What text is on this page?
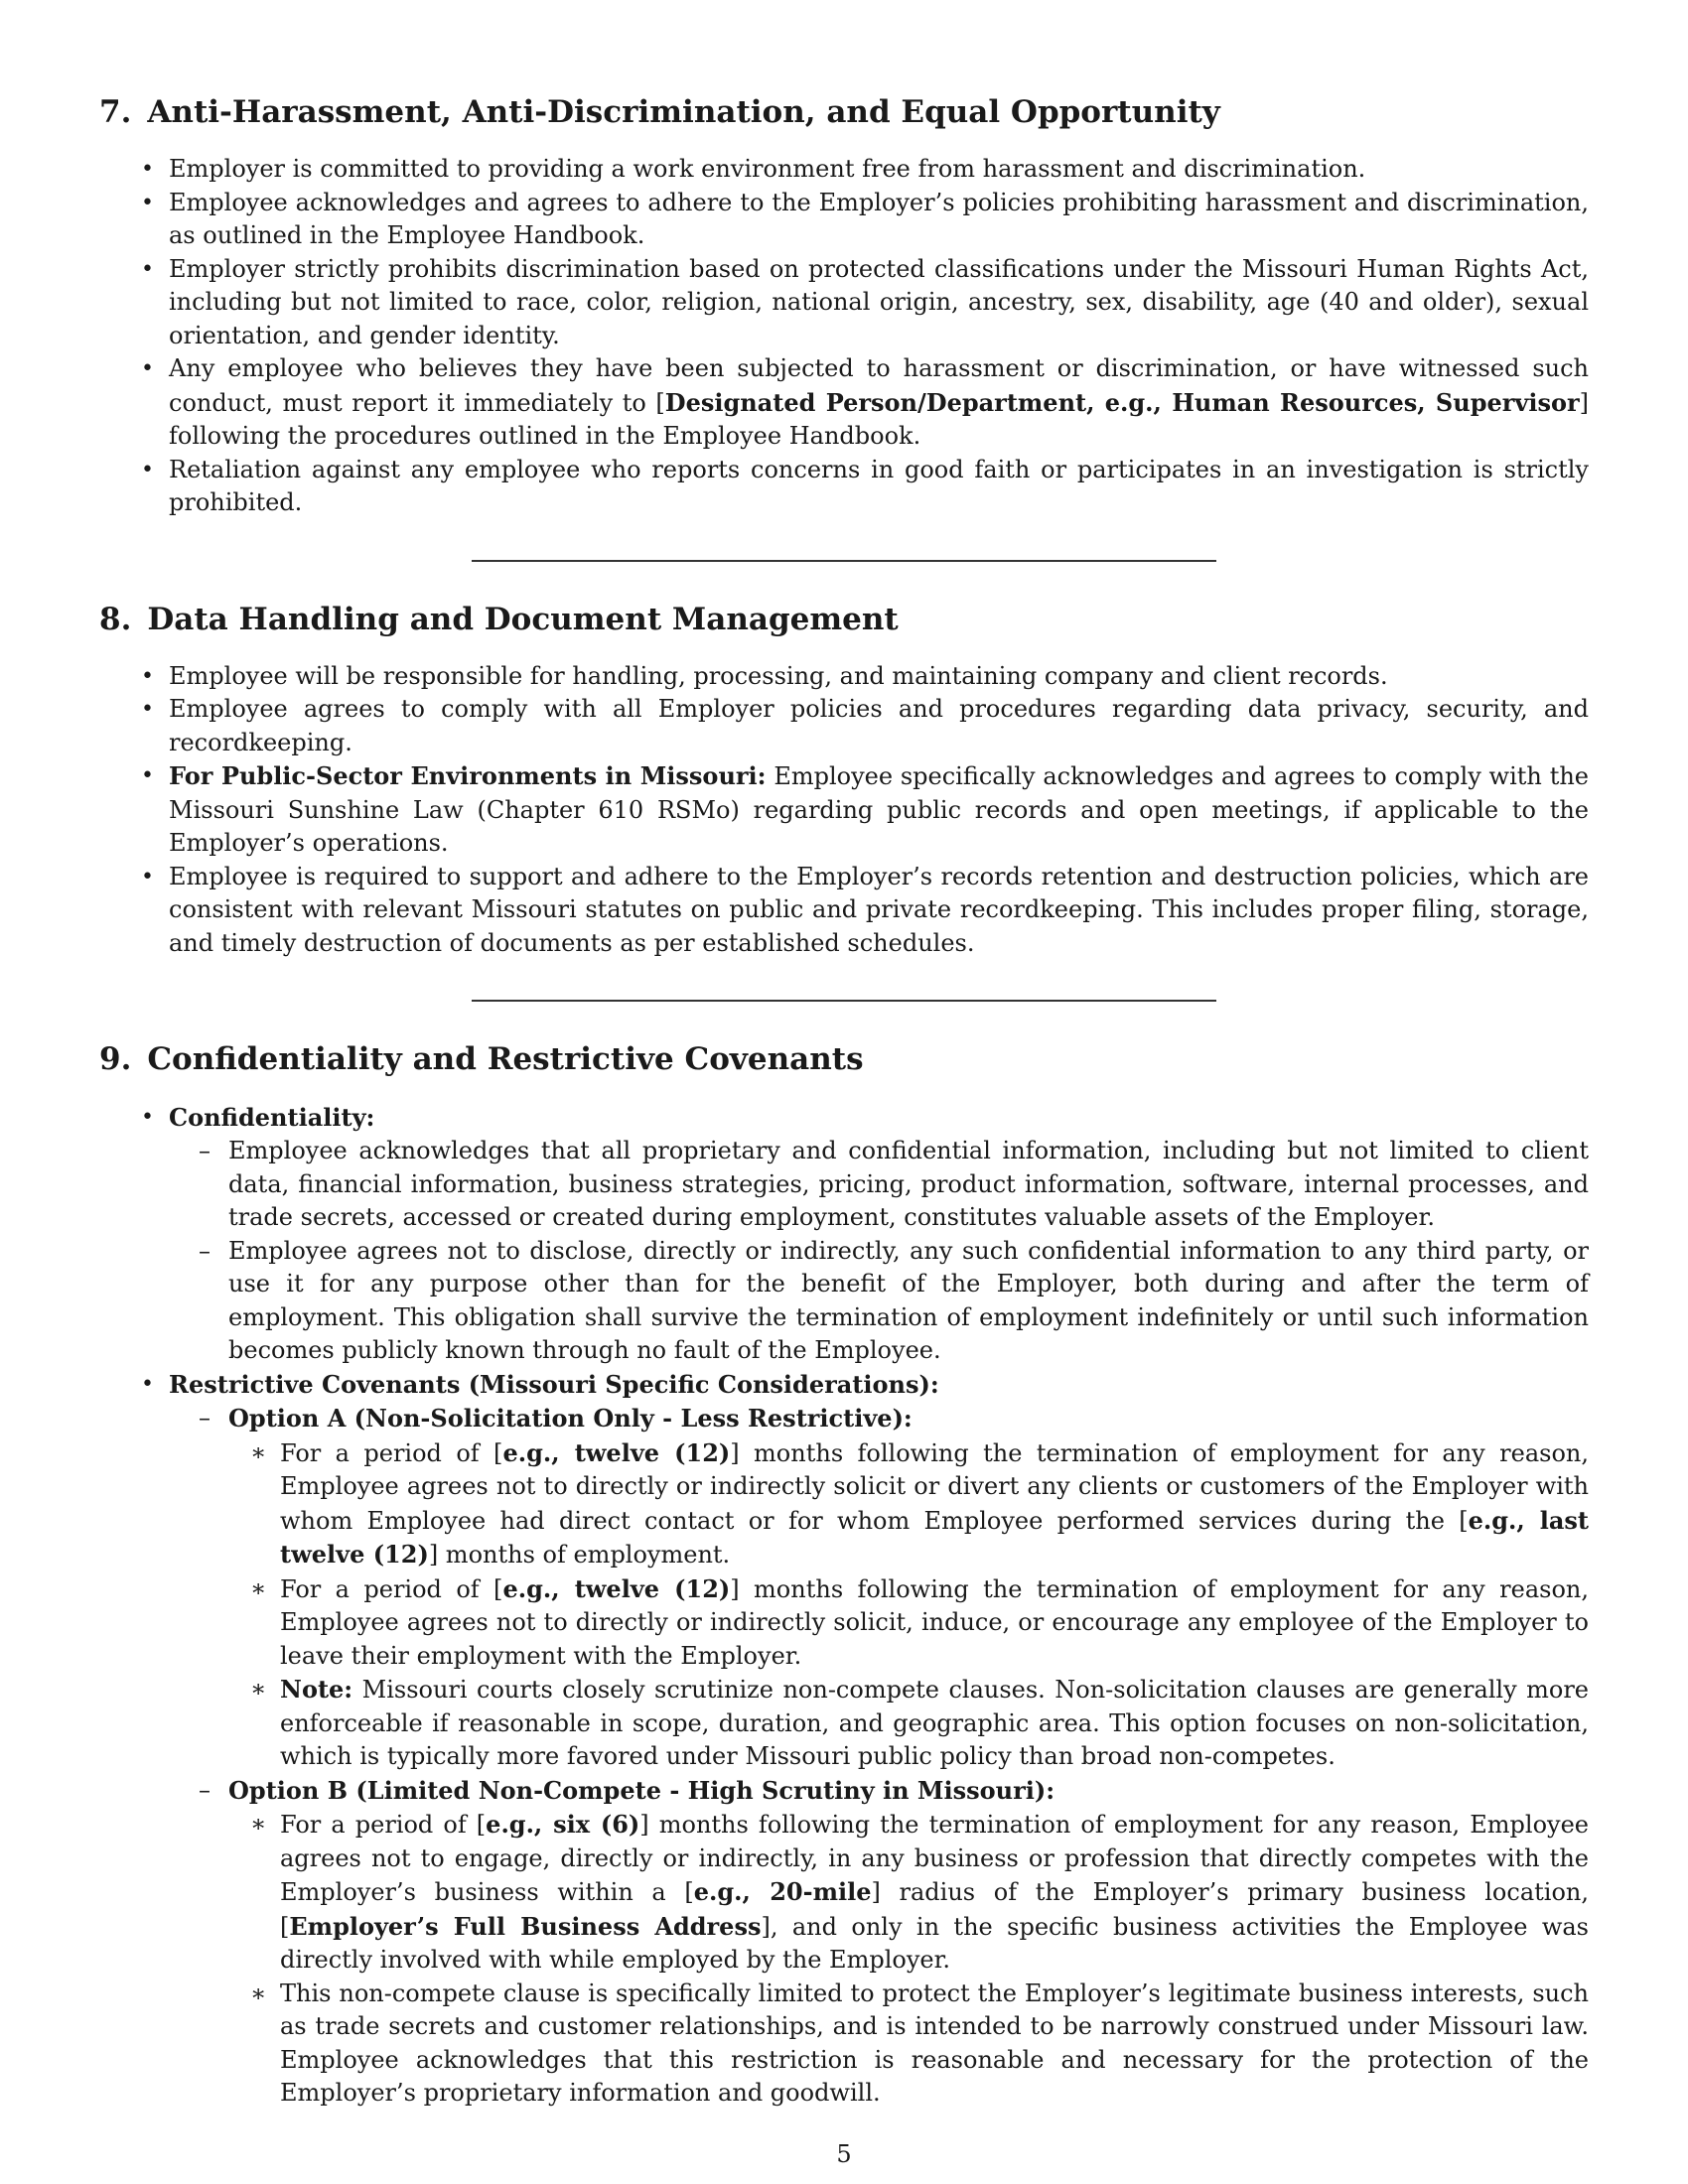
7. Anti-Harassment, Anti-Discrimination, and Equal Opportunity
• Employer is committed to providing a work environment free from harassment and discrimination.
• Employee acknowledges and agrees to adhere to the Employer’s policies prohibiting harassment and discrimination, as outlined in the Employee Handbook.
• Employer strictly prohibits discrimination based on protected classifications under the Missouri Human Rights Act, including but not limited to race, color, religion, national origin, ancestry, sex, disability, age (40 and older), sexual orientation, and gender identity.
• Any employee who believes they have been subjected to harassment or discrimination, or have witnessed such conduct, must report it immediately to [Designated Person/Department, e.g., Human Resources, Supervisor] following the procedures outlined in the Employee Handbook.
• Retaliation against any employee who reports concerns in good faith or participates in an investigation is strictly prohibited.
8. Data Handling and Document Management
• Employee will be responsible for handling, processing, and maintaining company and client records.
• Employee agrees to comply with all Employer policies and procedures regarding data privacy, security, and recordkeeping.
• For Public-Sector Environments in Missouri: Employee specifically acknowledges and agrees to comply with the Missouri Sunshine Law (Chapter 610 RSMo) regarding public records and open meetings, if applicable to the Employer’s operations.
• Employee is required to support and adhere to the Employer’s records retention and destruction policies, which are consistent with relevant Missouri statutes on public and private recordkeeping. This includes proper filing, storage, and timely destruction of documents as per established schedules.
9. Confidentiality and Restrictive Covenants
• Confidentiality:
– Employee acknowledges that all proprietary and confidential information, including but not limited to client data, financial information, business strategies, pricing, product information, software, internal processes, and trade secrets, accessed or created during employment, constitutes valuable assets of the Employer.
– Employee agrees not to disclose, directly or indirectly, any such confidential information to any third party, or use it for any purpose other than for the benefit of the Employer, both during and after the term of employment. This obligation shall survive the termination of employment indefinitely or until such information becomes publicly known through no fault of the Employee.
• Restrictive Covenants (Missouri Specific Considerations):
– Option A (Non-Solicitation Only - Less Restrictive):
∗ For a period of [e.g., twelve (12)] months following the termination of employment for any reason, Employee agrees not to directly or indirectly solicit or divert any clients or customers of the Employer with whom Employee had direct contact or for whom Employee performed services during the [e.g., last twelve (12)] months of employment.
∗ For a period of [e.g., twelve (12)] months following the termination of employment for any reason, Employee agrees not to directly or indirectly solicit, induce, or encourage any employee of the Employer to leave their employment with the Employer.
∗ Note: Missouri courts closely scrutinize non-compete clauses. Non-solicitation clauses are generally more enforceable if reasonable in scope, duration, and geographic area. This option focuses on non-solicitation, which is typically more favored under Missouri public policy than broad non-competes.
– Option B (Limited Non-Compete - High Scrutiny in Missouri):
∗ For a period of [e.g., six (6)] months following the termination of employment for any reason, Employee agrees not to engage, directly or indirectly, in any business or profession that directly competes with the Employer’s business within a [e.g., 20-mile] radius of the Employer’s primary business location, [Employer’s Full Business Address], and only in the specific business activities the Employee was directly involved with while employed by the Employer.
∗ This non-compete clause is specifically limited to protect the Employer’s legitimate business interests, such as trade secrets and customer relationships, and is intended to be narrowly construed under Missouri law. Employee acknowledges that this restriction is reasonable and necessary for the protection of the Employer’s proprietary information and goodwill.
5
